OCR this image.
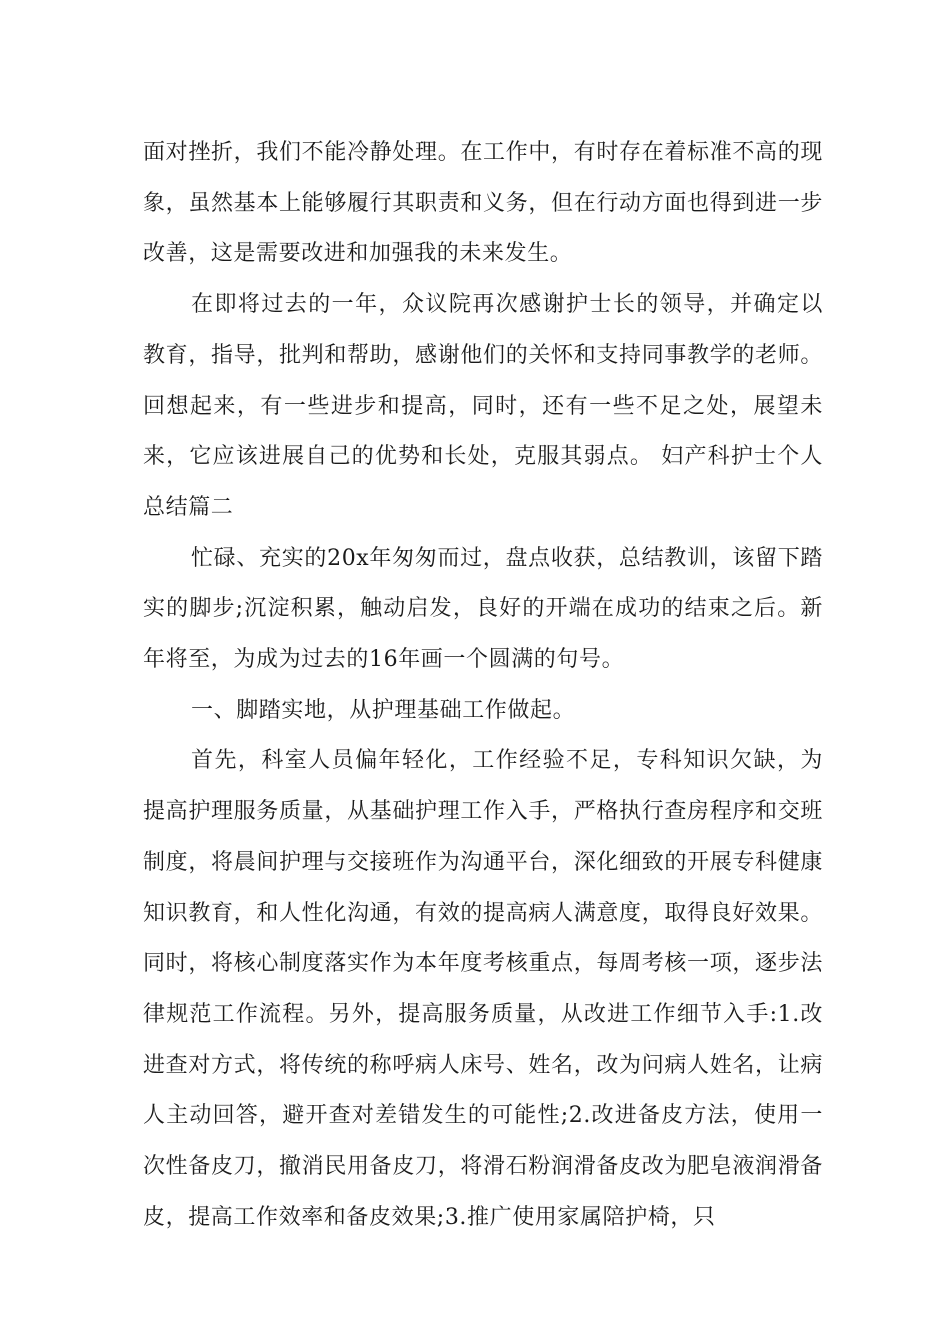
面对挫折，我们不能冷静处理。在工作中，有时存在着标准不高的现象，虽然基本上能够履行其职责和义务，但在行动方面也得到进一步改善，这是需要改进和加强我的未来发生。

在即将过去的一年，众议院再次感谢护士长的领导，并确定以教育，指导，批判和帮助，感谢他们的关怀和支持同事教学的老师。回想起来，有一些进步和提高，同时，还有一些不足之处，展望未来，它应该进展自己的优势和长处，克服其弱点。 妇产科护士个人总结篇二

忙碌、充实的20x年匆匆而过，盘点收获，总结教训，该留下踏实的脚步;沉淀积累，触动启发，良好的开端在成功的结束之后。新年将至，为成为过去的16年画一个圆满的句号。

一、脚踏实地，从护理基础工作做起。

首先，科室人员偏年轻化，工作经验不足，专科知识欠缺，为提高护理服务质量，从基础护理工作入手，严格执行查房程序和交班制度，将晨间护理与交接班作为沟通平台，深化细致的开展专科健康知识教育，和人性化沟通，有效的提高病人满意度，取得良好效果。同时，将核心制度落实作为本年度考核重点，每周考核一项，逐步法律规范工作流程。另外，提高服务质量，从改进工作细节入手:1.改进查对方式，将传统的称呼病人床号、姓名，改为问病人姓名，让病人主动回答，避开查对差错发生的可能性;2.改进备皮方法，使用一次性备皮刀，撤消民用备皮刀，将滑石粉润滑备皮改为肥皂液润滑备皮，提高工作效率和备皮效果;3.推广使用家属陪护椅，只
